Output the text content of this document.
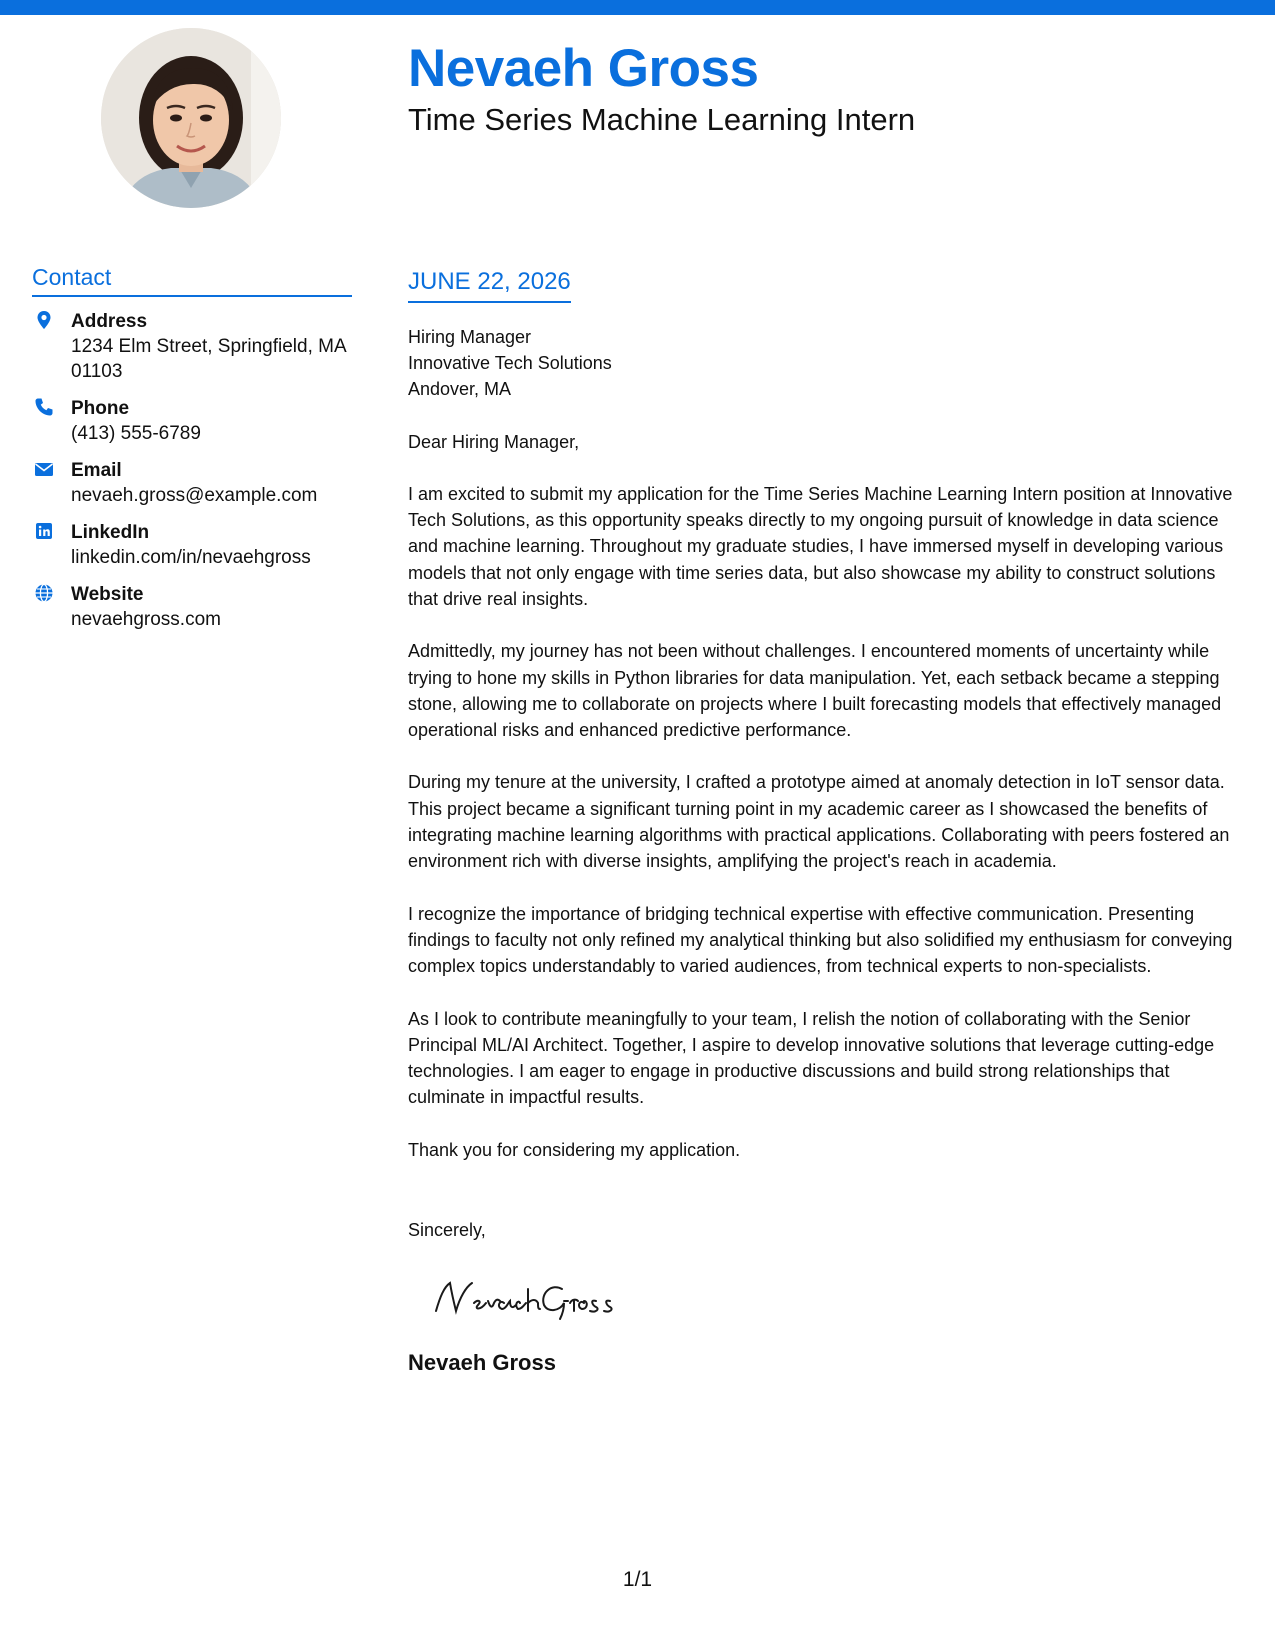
Nevaeh Gross
Time Series Machine Learning Intern
Contact
Address
1234 Elm Street, Springfield, MA 01103
Phone
(413) 555-6789
Email
nevaeh.gross@example.com
LinkedIn
linkedin.com/in/nevaehgross
Website
nevaehgross.com
JUNE 22, 2026
Hiring Manager
Innovative Tech Solutions
Andover, MA
Dear Hiring Manager,
I am excited to submit my application for the Time Series Machine Learning Intern position at Innovative Tech Solutions, as this opportunity speaks directly to my ongoing pursuit of knowledge in data science and machine learning. Throughout my graduate studies, I have immersed myself in developing various models that not only engage with time series data, but also showcase my ability to construct solutions that drive real insights.
Admittedly, my journey has not been without challenges. I encountered moments of uncertainty while trying to hone my skills in Python libraries for data manipulation. Yet, each setback became a stepping stone, allowing me to collaborate on projects where I built forecasting models that effectively managed operational risks and enhanced predictive performance.
During my tenure at the university, I crafted a prototype aimed at anomaly detection in IoT sensor data. This project became a significant turning point in my academic career as I showcased the benefits of integrating machine learning algorithms with practical applications. Collaborating with peers fostered an environment rich with diverse insights, amplifying the project's reach in academia.
I recognize the importance of bridging technical expertise with effective communication. Presenting findings to faculty not only refined my analytical thinking but also solidified my enthusiasm for conveying complex topics understandably to varied audiences, from technical experts to non-specialists.
As I look to contribute meaningfully to your team, I relish the notion of collaborating with the Senior Principal ML/AI Architect. Together, I aspire to develop innovative solutions that leverage cutting-edge technologies. I am eager to engage in productive discussions and build strong relationships that culminate in impactful results.
Thank you for considering my application.
Sincerely,
Nevaeh Gross
1/1
